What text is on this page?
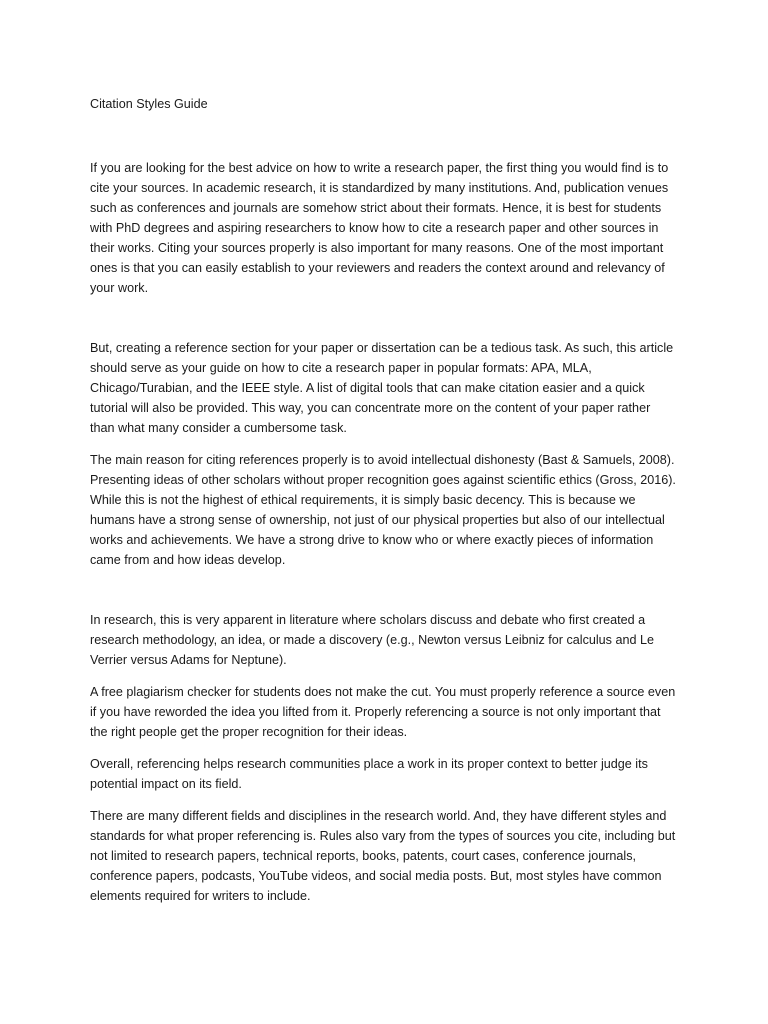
Citation Styles Guide

If you are looking for the best advice on how to write a research paper, the first thing you would find is to cite your sources. In academic research, it is standardized by many institutions. And, publication venues such as conferences and journals are somehow strict about their formats. Hence, it is best for students with PhD degrees and aspiring researchers to know how to cite a research paper and other sources in their works. Citing your sources properly is also important for many reasons. One of the most important ones is that you can easily establish to your reviewers and readers the context around and relevancy of your work.

But, creating a reference section for your paper or dissertation can be a tedious task. As such, this article should serve as your guide on how to cite a research paper in popular formats: APA, MLA, Chicago/Turabian, and the IEEE style. A list of digital tools that can make citation easier and a quick tutorial will also be provided. This way, you can concentrate more on the content of your paper rather than what many consider a cumbersome task.

The main reason for citing references properly is to avoid intellectual dishonesty (Bast & Samuels, 2008). Presenting ideas of other scholars without proper recognition goes against scientific ethics (Gross, 2016). While this is not the highest of ethical requirements, it is simply basic decency. This is because we humans have a strong sense of ownership, not just of our physical properties but also of our intellectual works and achievements. We have a strong drive to know who or where exactly pieces of information came from and how ideas develop.

In research, this is very apparent in literature where scholars discuss and debate who first created a research methodology, an idea, or made a discovery (e.g., Newton versus Leibniz for calculus and Le Verrier versus Adams for Neptune).

A free plagiarism checker for students does not make the cut. You must properly reference a source even if you have reworded the idea you lifted from it. Properly referencing a source is not only important that the right people get the proper recognition for their ideas.

Overall, referencing helps research communities place a work in its proper context to better judge its potential impact on its field.

There are many different fields and disciplines in the research world. And, they have different styles and standards for what proper referencing is. Rules also vary from the types of sources you cite, including but not limited to research papers, technical reports, books, patents, court cases, conference journals, conference papers, podcasts, YouTube videos, and social media posts. But, most styles have common elements required for writers to include.
